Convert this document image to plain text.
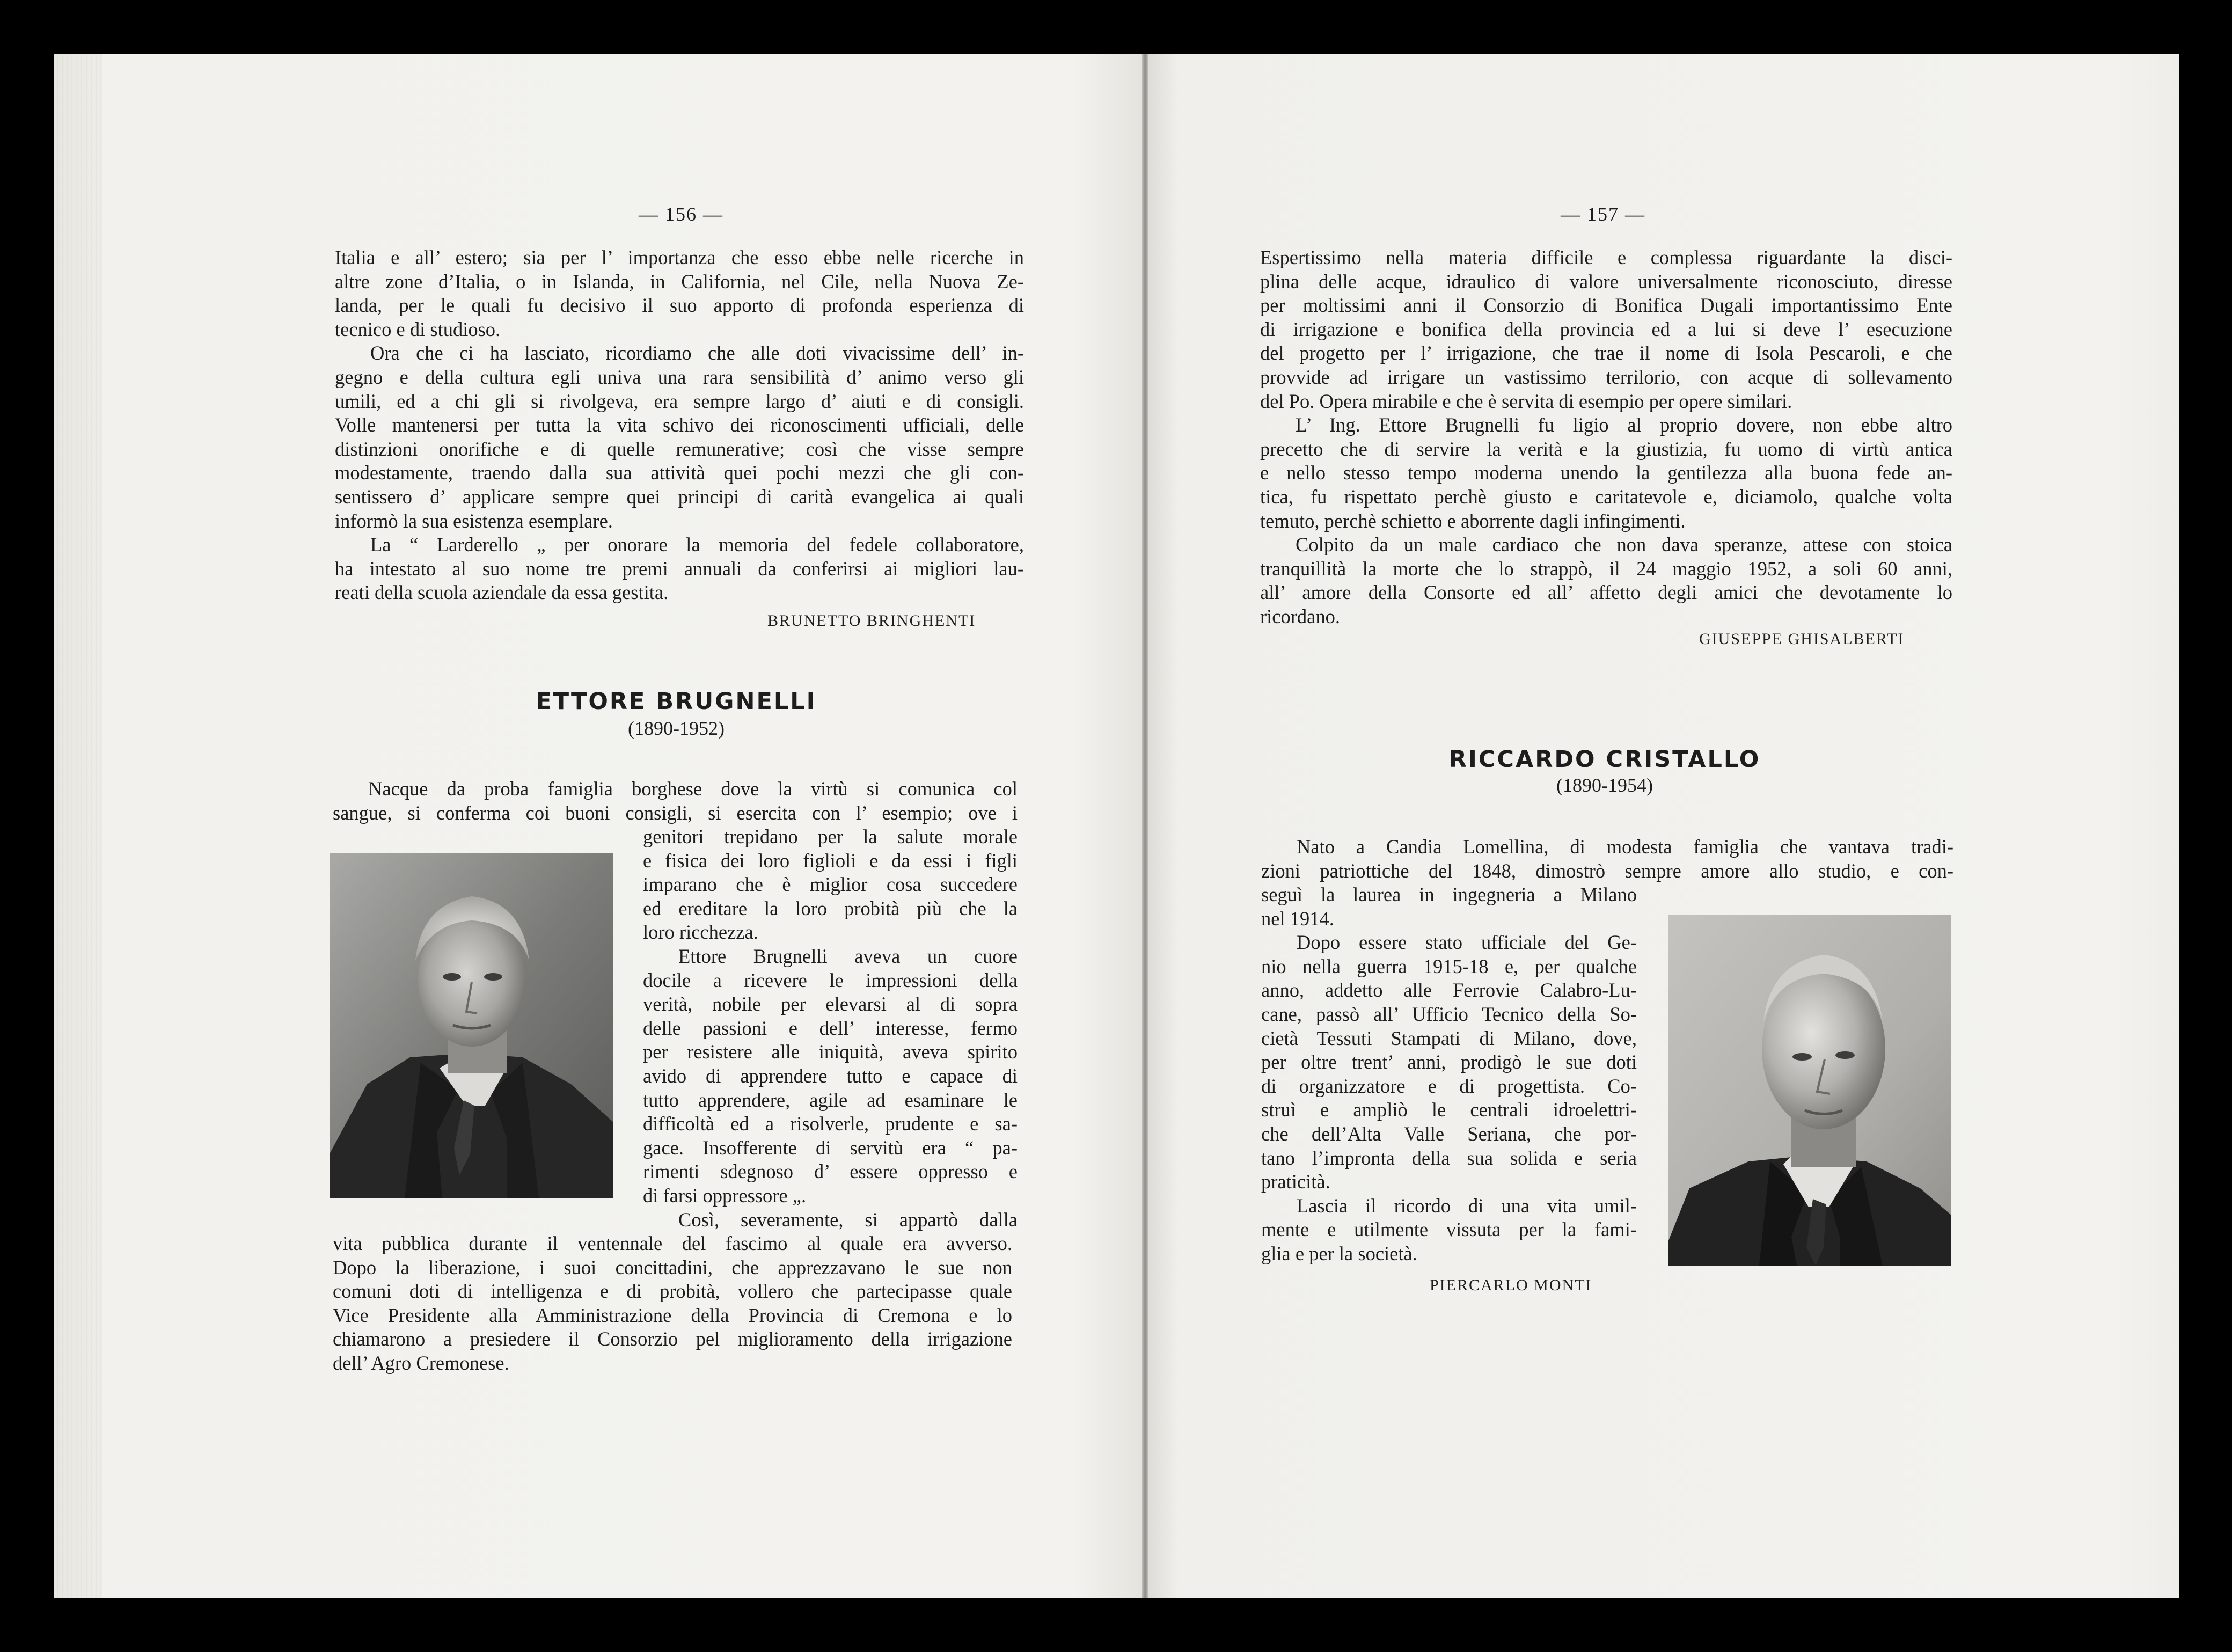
— 156 —
Italia e all’ estero; sia per l’ importanza che esso ebbe nelle ricerche in
altre zone d’Italia, o in Islanda, in California, nel Cile, nella Nuova Ze-
landa, per le quali fu decisivo il suo apporto di profonda esperienza di
tecnico e di studioso.
Ora che ci ha lasciato, ricordiamo che alle doti vivacissime dell’ in-
gegno e della cultura egli univa una rara sensibilità d’ animo verso gli
umili, ed a chi gli si rivolgeva, era sempre largo d’ aiuti e di consigli.
Volle mantenersi per tutta la vita schivo dei riconoscimenti ufficiali, delle
distinzioni onorifiche e di quelle remunerative; così che visse sempre
modestamente, traendo dalla sua attività quei pochi mezzi che gli con-
sentissero d’ applicare sempre quei principi di carità evangelica ai quali
informò la sua esistenza esemplare.
La “ Larderello „ per onorare la memoria del fedele collaboratore,
ha intestato al suo nome tre premi annuali da conferirsi ai migliori lau-
reati della scuola aziendale da essa gestita.
BRUNETTO BRINGHENTI
ETTORE BRUGNELLI
(1890-1952)
Nacque da proba famiglia borghese dove la virtù si comunica col
sangue, si conferma coi buoni consigli, si esercita con l’ esempio; ove i
genitori trepidano per la salute morale
e fisica dei loro figlioli e da essi i figli
imparano che è miglior cosa succedere
ed ereditare la loro probità più che la
loro ricchezza.
Ettore Brugnelli aveva un cuore
docile a ricevere le impressioni della
verità, nobile per elevarsi al di sopra
delle passioni e dell’ interesse, fermo
per resistere alle iniquità, aveva spirito
avido di apprendere tutto e capace di
tutto apprendere, agile ad esaminare le
difficoltà ed a risolverle, prudente e sa-
gace. Insofferente di servitù era “ pa-
rimenti sdegnoso d’ essere oppresso e
di farsi oppressore „.
Così, severamente, si appartò dalla
vita pubblica durante il ventennale del fascimo al quale era avverso.
Dopo la liberazione, i suoi concittadini, che apprezzavano le sue non
comuni doti di intelligenza e di probità, vollero che partecipasse quale
Vice Presidente alla Amministrazione della Provincia di Cremona e lo
chiamarono a presiedere il Consorzio pel miglioramento della irrigazione
dell’ Agro Cremonese.
— 157 —
Espertissimo nella materia difficile e complessa riguardante la disci-
plina delle acque, idraulico di valore universalmente riconosciuto, diresse
per moltissimi anni il Consorzio di Bonifica Dugali importantissimo Ente
di irrigazione e bonifica della provincia ed a lui si deve l’ esecuzione
del progetto per l’ irrigazione, che trae il nome di Isola Pescaroli, e che
provvide ad irrigare un vastissimo terrilorio, con acque di sollevamento
del Po. Opera mirabile e che è servita di esempio per opere similari.
L’ Ing. Ettore Brugnelli fu ligio al proprio dovere, non ebbe altro
precetto che di servire la verità e la giustizia, fu uomo di virtù antica
e nello stesso tempo moderna unendo la gentilezza alla buona fede an-
tica, fu rispettato perchè giusto e caritatevole e, diciamolo, qualche volta
temuto, perchè schietto e aborrente dagli infingimenti.
Colpito da un male cardiaco che non dava speranze, attese con stoica
tranquillità la morte che lo strappò, il 24 maggio 1952, a soli 60 anni,
all’ amore della Consorte ed all’ affetto degli amici che devotamente lo
ricordano.
GIUSEPPE GHISALBERTI
RICCARDO CRISTALLO
(1890-1954)
Nato a Candia Lomellina, di modesta famiglia che vantava tradi-
zioni patriottiche del 1848, dimostrò sempre amore allo studio, e con-
seguì la laurea in ingegneria a Milano
nel 1914.
Dopo essere stato ufficiale del Ge-
nio nella guerra 1915-18 e, per qualche
anno, addetto alle Ferrovie Calabro-Lu-
cane, passò all’ Ufficio Tecnico della So-
cietà Tessuti Stampati di Milano, dove,
per oltre trent’ anni, prodigò le sue doti
di organizzatore e di progettista. Co-
struì e ampliò le centrali idroelettri-
che dell’Alta Valle Seriana, che por-
tano l’impronta della sua solida e seria
praticità.
Lascia il ricordo di una vita umil-
mente e utilmente vissuta per la fami-
glia e per la società.
PIERCARLO MONTI
